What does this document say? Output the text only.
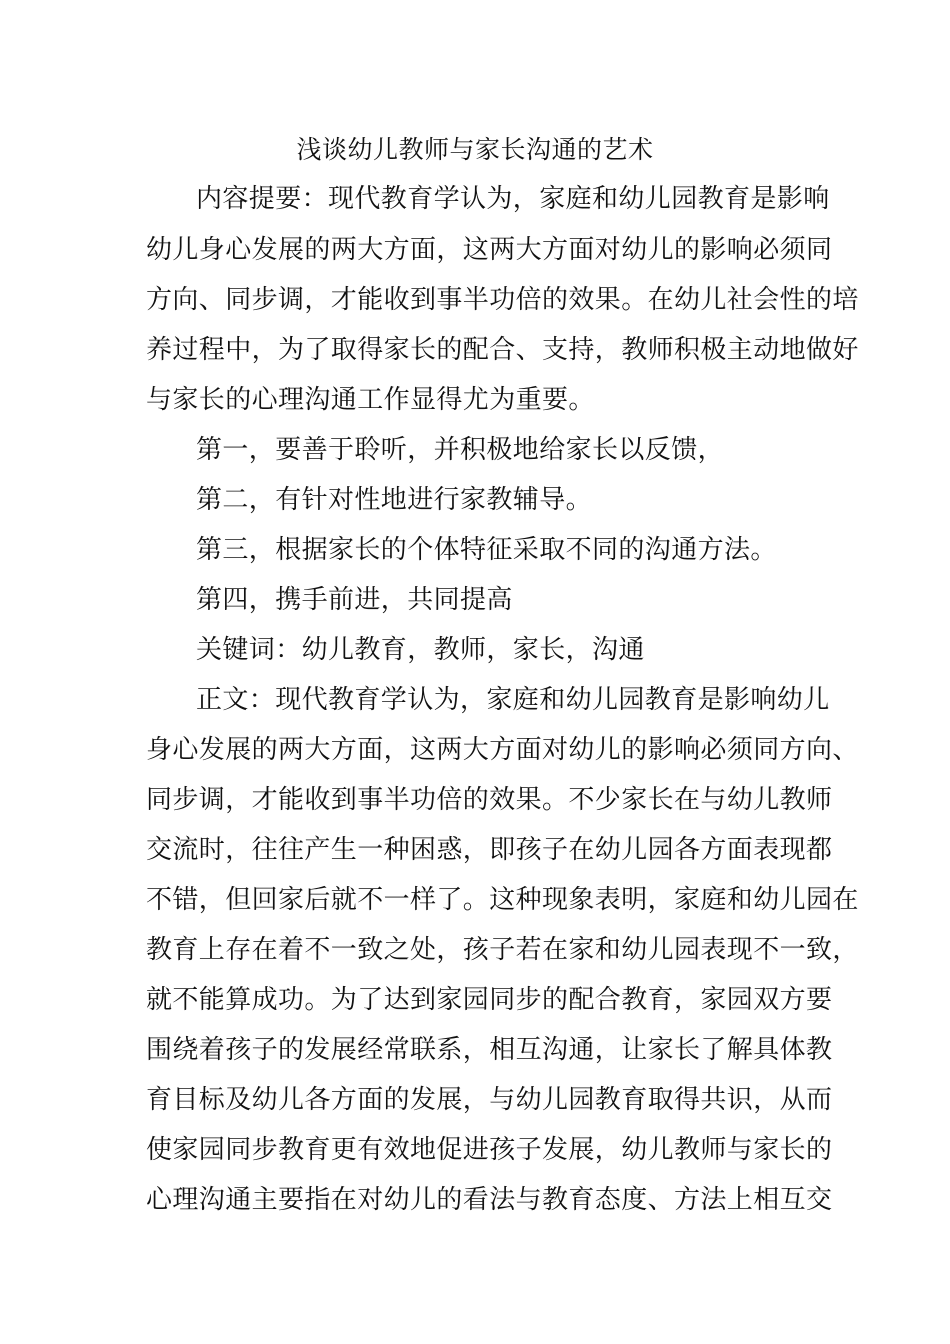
浅谈幼儿教师与家长沟通的艺术
内容提要：现代教育学认为，家庭和幼儿园教育是影响
幼儿身心发展的两大方面，这两大方面对幼儿的影响必须同
方向、同步调，才能收到事半功倍的效果。在幼儿社会性的培
养过程中，为了取得家长的配合、支持，教师积极主动地做好
与家长的心理沟通工作显得尤为重要。
第一，要善于聆听，并积极地给家长以反馈，
第二，有针对性地进行家教辅导。
第三，根据家长的个体特征采取不同的沟通方法。
第四，携手前进，共同提高
关键词：幼儿教育，教师，家长，沟通
正文：现代教育学认为，家庭和幼儿园教育是影响幼儿
身心发展的两大方面，这两大方面对幼儿的影响必须同方向、
同步调，才能收到事半功倍的效果。不少家长在与幼儿教师
交流时，往往产生一种困惑，即孩子在幼儿园各方面表现都
不错，但回家后就不一样了。这种现象表明，家庭和幼儿园在
教育上存在着不一致之处，孩子若在家和幼儿园表现不一致，
就不能算成功。为了达到家园同步的配合教育，家园双方要
围绕着孩子的发展经常联系，相互沟通，让家长了解具体教
育目标及幼儿各方面的发展，与幼儿园教育取得共识，从而
使家园同步教育更有效地促进孩子发展，幼儿教师与家长的
心理沟通主要指在对幼儿的看法与教育态度、方法上相互交
